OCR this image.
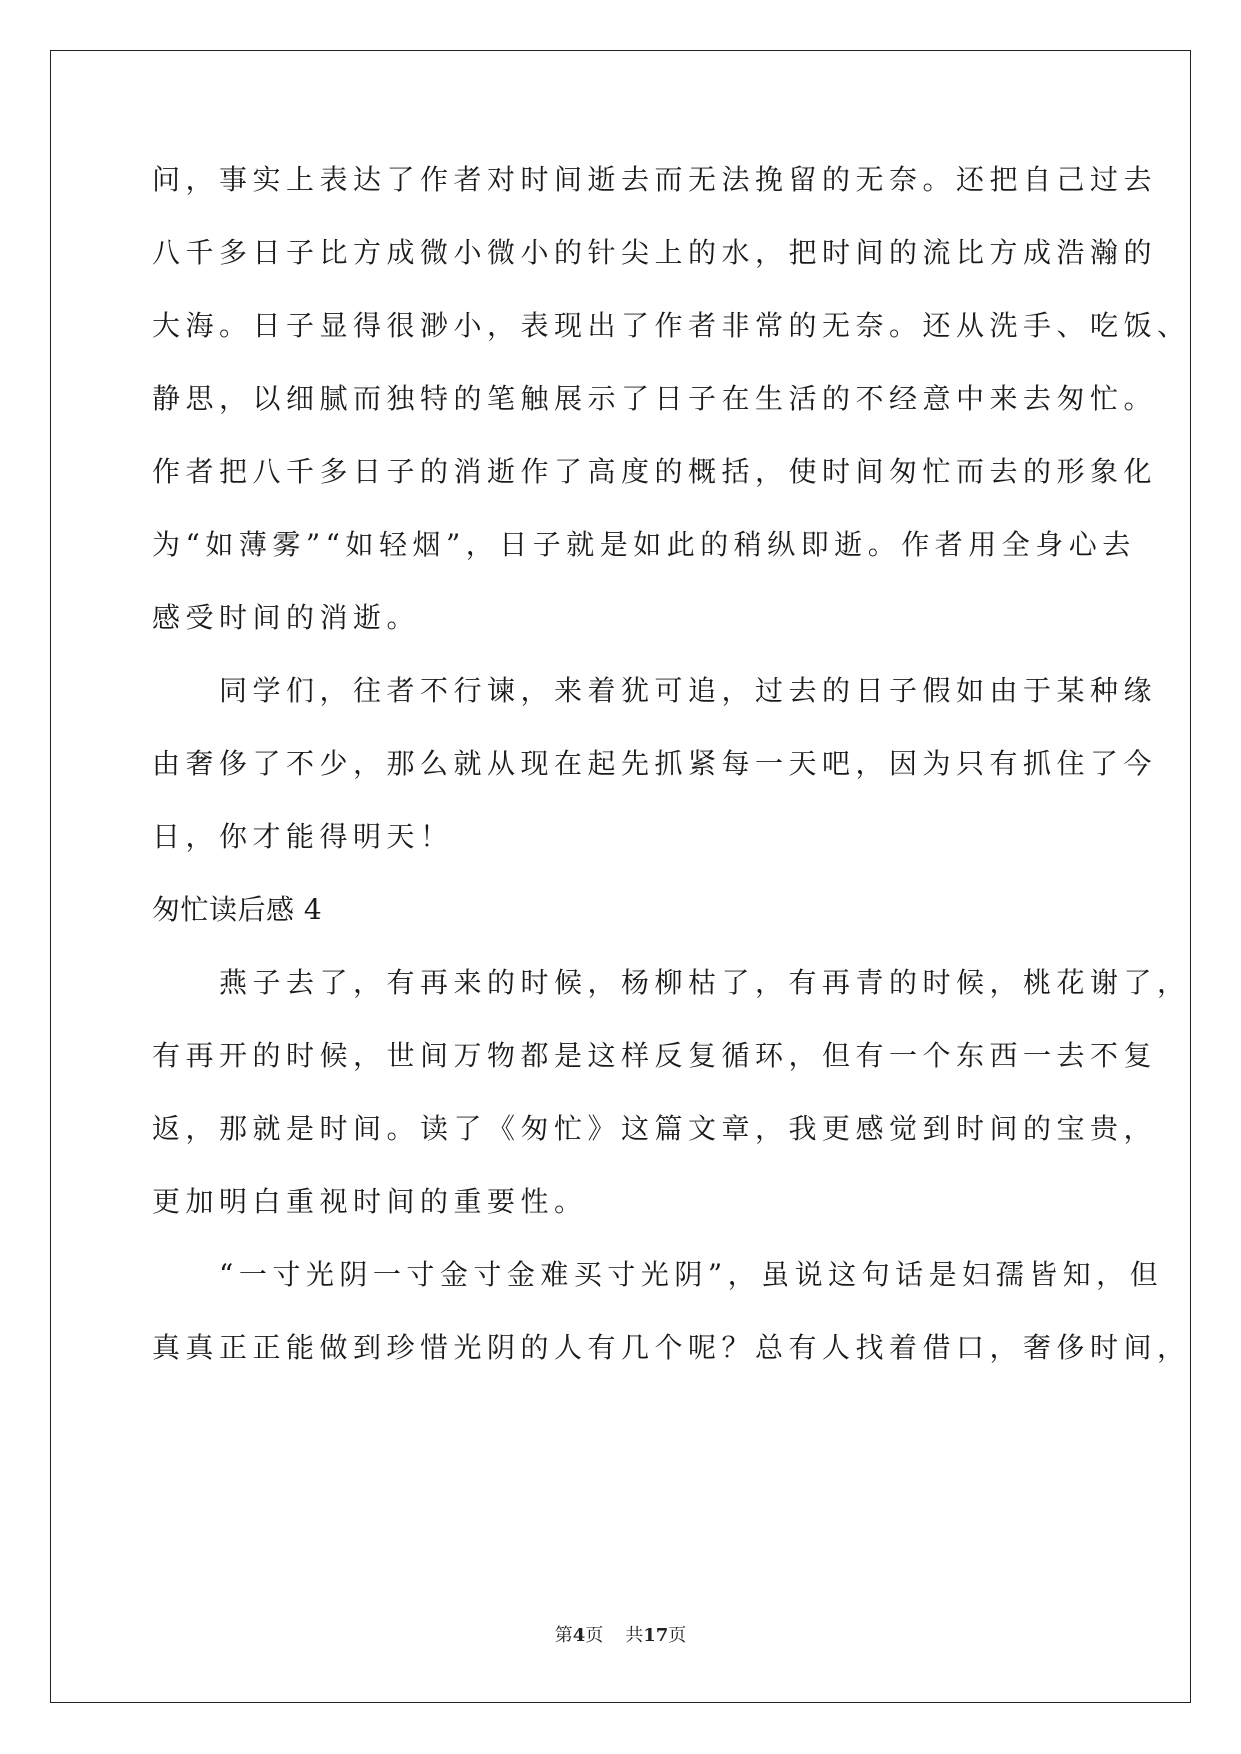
问，事实上表达了作者对时间逝去而无法挽留的无奈。还把自己过去
八千多日子比方成微小微小的针尖上的水，把时间的流比方成浩瀚的
大海。日子显得很渺小，表现出了作者非常的无奈。还从洗手、吃饭、
静思，以细腻而独特的笔触展示了日子在生活的不经意中来去匆忙。
作者把八千多日子的消逝作了高度的概括，使时间匆忙而去的形象化
为“如薄雾”“如轻烟”，日子就是如此的稍纵即逝。作者用全身心去
感受时间的消逝。
　　同学们，往者不行谏，来着犹可追，过去的日子假如由于某种缘
由奢侈了不少，那么就从现在起先抓紧每一天吧，因为只有抓住了今
日，你才能得明天！
匆忙读后感 4
　　燕子去了，有再来的时候，杨柳枯了，有再青的时候，桃花谢了，
有再开的时候，世间万物都是这样反复循环，但有一个东西一去不复
返，那就是时间。读了《匆忙》这篇文章，我更感觉到时间的宝贵，
更加明白重视时间的重要性。
　　“一寸光阴一寸金寸金难买寸光阴”，虽说这句话是妇孺皆知，但
真真正正能做到珍惜光阴的人有几个呢？总有人找着借口，奢侈时间，
第4页 共17页
